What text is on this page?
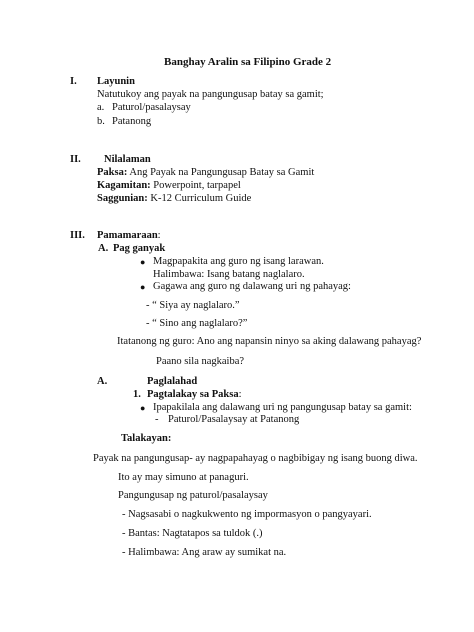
Banghay Aralin sa Filipino Grade 2
I. Layunin
Natutukoy ang payak na pangungusap batay sa gamit;
a. Paturol/pasalaysay
b. Patanong
II. Nilalaman
Paksa: Ang Payak na Pangungusap Batay sa Gamit
Kagamitan: Powerpoint, tarpapel
Saggunian: K-12 Curriculum Guide
III. Pamamaraan:
A. Pag ganyak
● Magpapakita ang guro ng isang larawan.
Halimbawa: Isang batang naglalaro.
● Gagawa ang guro ng dalawang uri ng pahayag:
- “ Siya ay naglalaro.”
- “ Sino ang naglalaro?”
Itatanong ng guro: Ano ang napansin ninyo sa aking dalawang pahayag?
Paano sila nagkaiba?
A.	Paglalahad
1. Pagtalakay sa Paksa:
● Ipapakilala ang dalawang uri ng pangungusap batay sa gamit:
- Paturol/Pasalaysay at Patanong
Talakayan:
Payak na pangungusap- ay nagpapahayag o nagbibigay ng isang buong diwa.
Ito ay may simuno at panaguri.
Pangungusap ng paturol/pasalaysay
- Nagsasabi o nagkukwento ng impormasyon o pangyayari.
- Bantas: Nagtatapos sa tuldok (.)
- Halimbawa: Ang araw ay sumikat na.
